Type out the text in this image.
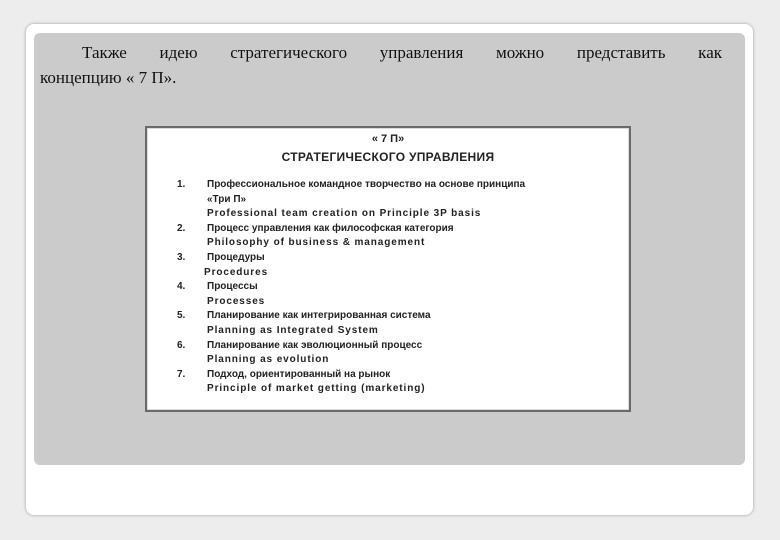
Также идею стратегического управления можно представить как
концепцию « 7 П».
« 7 П»
СТРАТЕГИЧЕСКОГО УПРАВЛЕНИЯ
1.	Профессиональное командное творчество на основе принципа
«Три П»
Professional team creation on Principle 3P basis
2.	Процесс управления как философская категория
Philosophy of business & management
3.	Процедуры
Procedures
4.	Процессы
Processes
5.	Планирование как интегрированная система
Planning as Integrated System
6.	Планирование как эволюционный процесс
Planning as evolution
7.	Подход, ориентированный на рынок
Principle of market getting (marketing)
